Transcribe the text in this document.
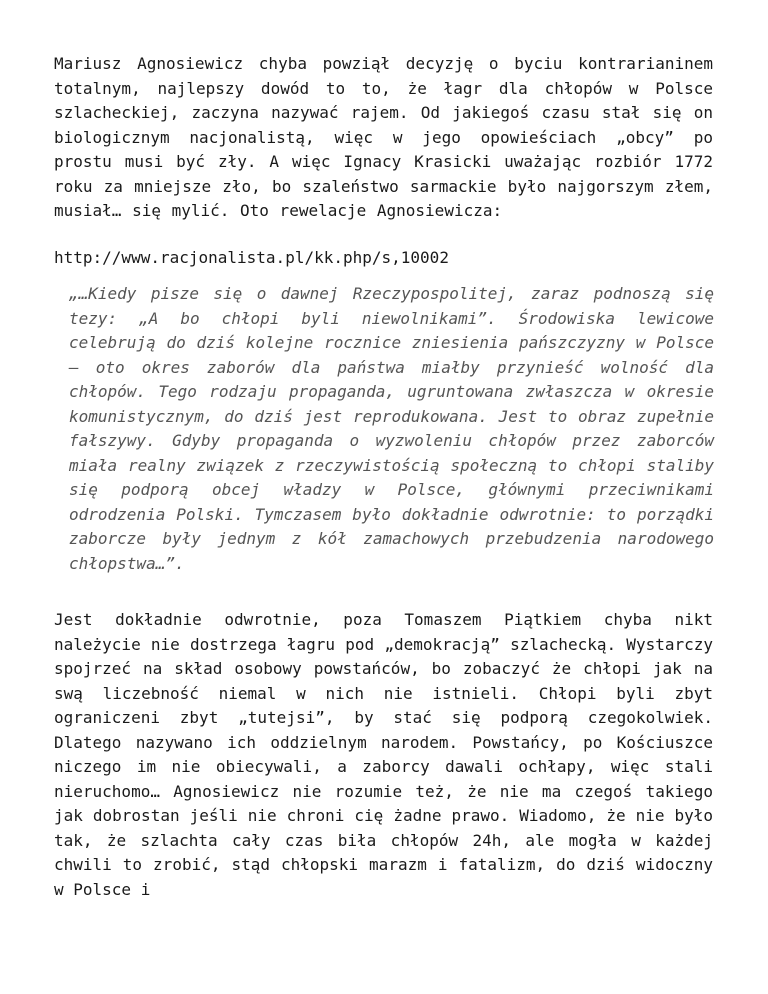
Mariusz Agnosiewicz chyba powziął decyzję o byciu kontrarianinem totalnym, najlepszy dowód to to, że łagr dla chłopów w Polsce szlacheckiej, zaczyna nazywać rajem. Od jakiegoś czasu stał się on biologicznym nacjonalistą, więc w jego opowieściach „obcy” po prostu musi być zły. A więc Ignacy Krasicki uważając rozbiór 1772 roku za mniejsze zło, bo szaleństwo sarmackie było najgorszym złem, musiał… się mylić. Oto rewelacje Agnosiewicza:

http://www.racjonalista.pl/kk.php/s,10002
„…Kiedy pisze się o dawnej Rzeczypospolitej, zaraz podnoszą się tezy: „A bo chłopi byli niewolnikami”. Środowiska lewicowe celebrują do dziś kolejne rocznice zniesienia pańszczyzny w Polsce – oto okres zaborów dla państwa miałby przynieść wolność dla chłopów. Tego rodzaju propaganda, ugruntowana zwłaszcza w okresie komunistycznym, do dziś jest reprodukowana. Jest to obraz zupełnie fałszywy. Gdyby propaganda o wyzwoleniu chłopów przez zaborców miała realny związek z rzeczywistością społeczną to chłopi staliby się podporą obcej władzy w Polsce, głównymi przeciwnikami odrodzenia Polski. Tymczasem było dokładnie odwrotnie: to porządki zaborcze były jednym z kół zamachowych przebudzenia narodowego chłopstwa…”.

Jest dokładnie odwrotnie, poza Tomaszem Piątkiem chyba nikt należycie nie dostrzega łagru pod „demokracją” szlachecką. Wystarczy spojrzeć na skład osobowy powstańców, bo zobaczyć że chłopi jak na swą liczebność niemal w nich nie istnieli. Chłopi byli zbyt ograniczeni zbyt „tutejsi”, by stać się podporą czegokolwiek. Dlatego nazywano ich oddzielnym narodem. Powstańcy, po Kościuszce niczego im nie obiecywali, a zaborcy dawali ochłapy, więc stali nieruchomo… Agnosiewicz nie rozumie też, że nie ma czegoś takiego jak dobrostan jeśli nie chroni cię żadne prawo. Wiadomo, że nie było tak, że szlachta cały czas biła chłopów 24h, ale mogła w każdej chwili to zrobić, stąd chłopski marazm i fatalizm, do dziś widoczny w Polsce i
